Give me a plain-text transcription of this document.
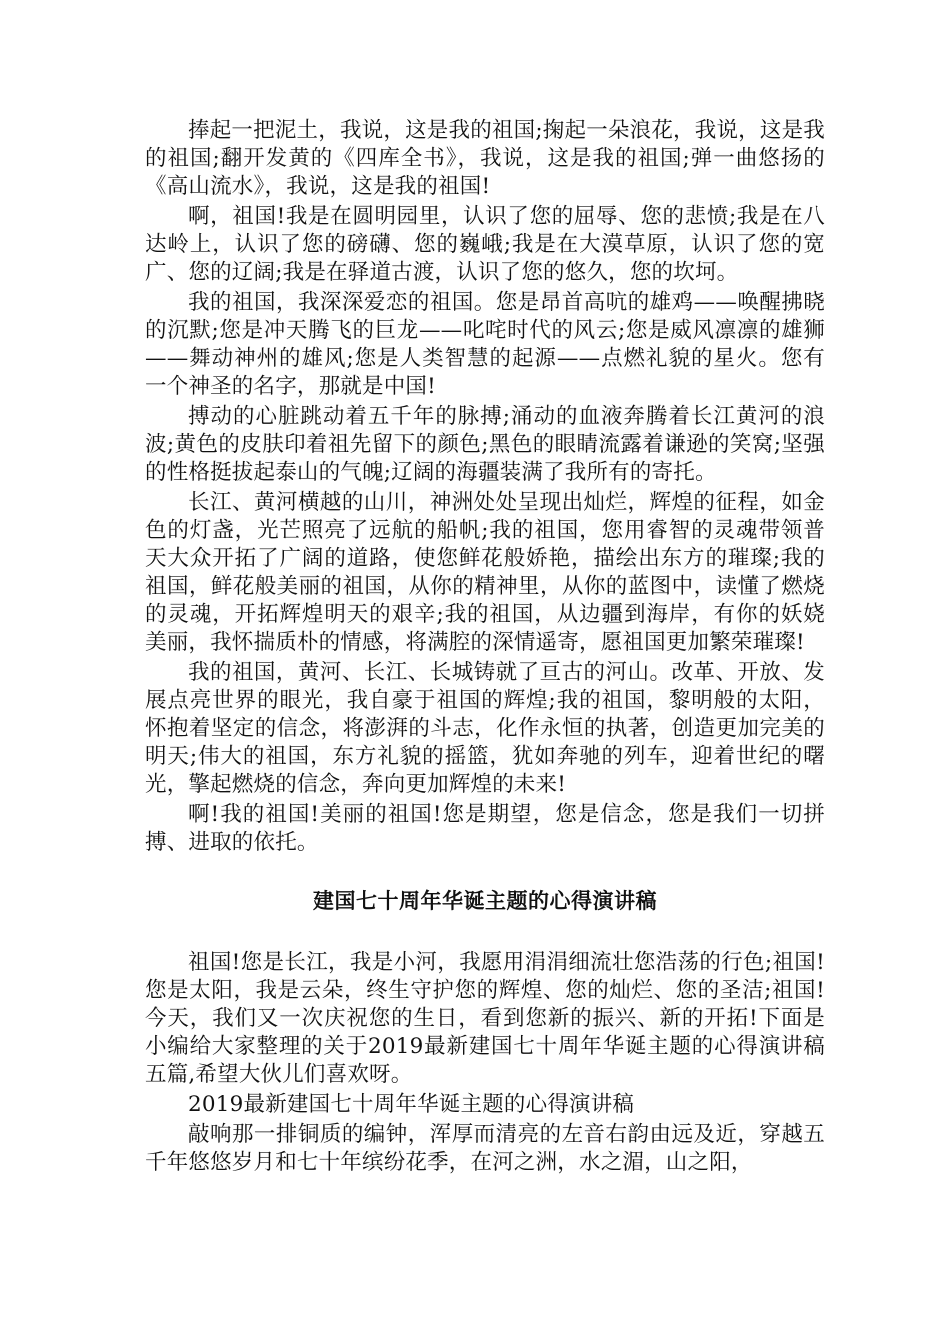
捧起一把泥土，我说，这是我的祖国;掬起一朵浪花，我说，这是我的祖国;翻开发黄的《四库全书》，我说，这是我的祖国;弹一曲悠扬的《高山流水》，我说，这是我的祖国!

啊，祖国!我是在圆明园里，认识了您的屈辱、您的悲愤;我是在八达岭上，认识了您的磅礴、您的巍峨;我是在大漠草原，认识了您的宽广、您的辽阔;我是在驿道古渡，认识了您的悠久，您的坎坷。

我的祖国，我深深爱恋的祖国。您是昂首高吭的雄鸡——唤醒拂晓的沉默;您是冲天腾飞的巨龙——叱咤时代的风云;您是威风凛凛的雄狮——舞动神州的雄风;您是人类智慧的起源——点燃礼貌的星火。您有一个神圣的名字，那就是中国!

搏动的心脏跳动着五千年的脉搏;涌动的血液奔腾着长江黄河的浪波;黄色的皮肤印着祖先留下的颜色;黑色的眼睛流露着谦逊的笑窝;坚强的性格挺拔起泰山的气魄;辽阔的海疆装满了我所有的寄托。

长江、黄河横越的山川，神洲处处呈现出灿烂，辉煌的征程，如金色的灯盏，光芒照亮了远航的船帆;我的祖国，您用睿智的灵魂带领普天大众开拓了广阔的道路，使您鲜花般娇艳，描绘出东方的璀璨;我的祖国，鲜花般美丽的祖国，从你的精神里，从你的蓝图中，读懂了燃烧的灵魂，开拓辉煌明天的艰辛;我的祖国，从边疆到海岸，有你的妖娆美丽，我怀揣质朴的情感，将满腔的深情遥寄，愿祖国更加繁荣璀璨!

我的祖国，黄河、长江、长城铸就了亘古的河山。改革、开放、发展点亮世界的眼光，我自豪于祖国的辉煌;我的祖国，黎明般的太阳，怀抱着坚定的信念，将澎湃的斗志，化作永恒的执著，创造更加完美的明天;伟大的祖国，东方礼貌的摇篮，犹如奔驰的列车，迎着世纪的曙光，擎起燃烧的信念，奔向更加辉煌的未来!

啊!我的祖国!美丽的祖国!您是期望，您是信念，您是我们一切拼搏、进取的依托。

建国七十周年华诞主题的心得演讲稿

祖国!您是长江，我是小河，我愿用涓涓细流壮您浩荡的行色;祖国!您是太阳，我是云朵，终生守护您的辉煌、您的灿烂、您的圣洁;祖国!今天，我们又一次庆祝您的生日，看到您新的振兴、新的开拓!下面是小编给大家整理的关于2019最新建国七十周年华诞主题的心得演讲稿五篇,希望大伙儿们喜欢呀。

2019最新建国七十周年华诞主题的心得演讲稿

敲响那一排铜质的编钟，浑厚而清亮的左音右韵由远及近，穿越五千年悠悠岁月和七十年缤纷花季，在河之洲，水之湄，山之阳，
